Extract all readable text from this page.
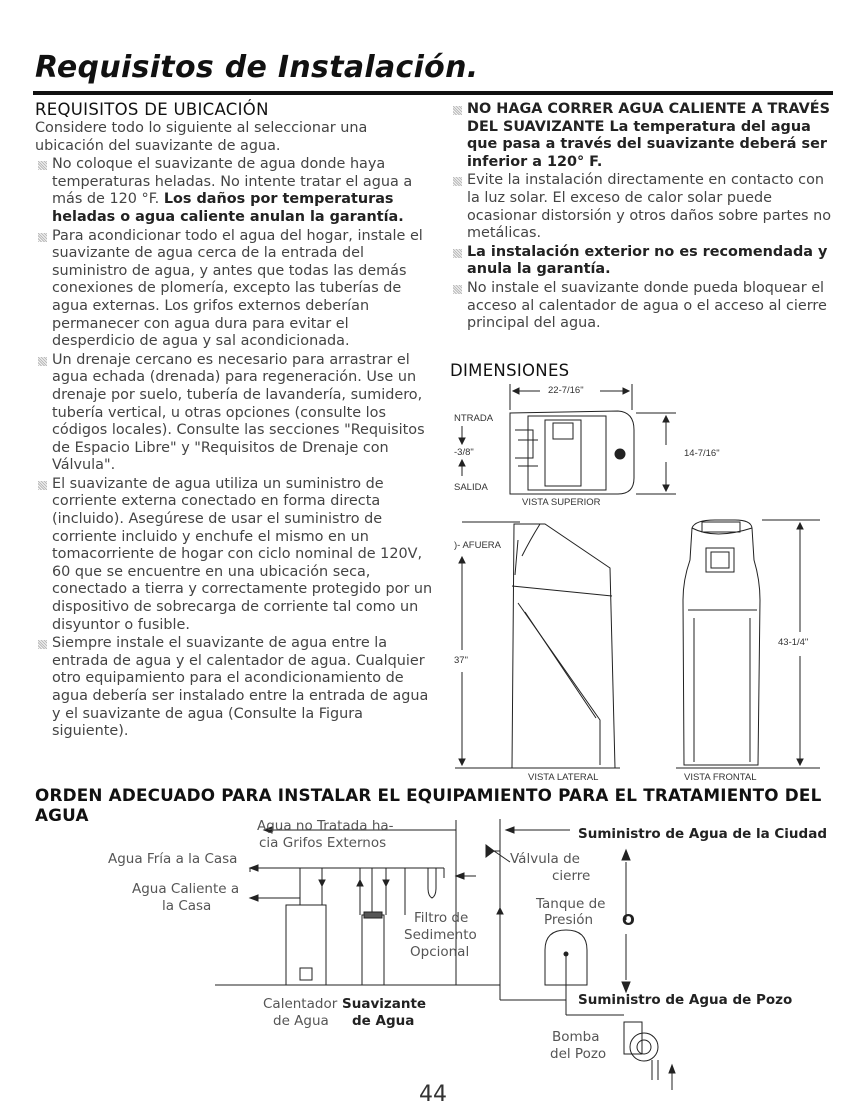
Requisitos de Instalación.
REQUISITOS DE UBICACIÓN

Considere todo lo siguiente al seleccionar una ubicación del suavizante de agua.

No coloque el suavizante de agua donde haya temperaturas heladas. No intente tratar el agua a más de 120 °F. Los daños por temperaturas heladas o agua caliente anulan la garantía.
Para acondicionar todo el agua del hogar, instale el suavizante de agua cerca de la entrada del suministro de agua, y antes que todas las demás conexiones de plomería, excepto las tuberías de agua externas. Los grifos externos deberían permanecer con agua dura para evitar el desperdicio de agua y sal acondicionada.
Un drenaje cercano es necesario para arrastrar el agua echada (drenada) para regeneración. Use un drenaje por suelo, tubería de lavandería, sumidero, tubería vertical, u otras opciones (consulte los códigos locales). Consulte las secciones "Requisitos de Espacio Libre" y "Requisitos de Drenaje con Válvula".
El suavizante de agua utiliza un suministro de corriente externa conectado en forma directa (incluido). Asegúrese de usar el suministro de corriente incluido y enchufe el mismo en un tomacorriente de hogar con ciclo nominal de 120V, 60 que se encuentre en una ubicación seca, conectado a tierra y correctamente protegido por un dispositivo de sobrecarga de corriente tal como un disyuntor o fusible.
Siempre instale el suavizante de agua entre la entrada de agua y el calentador de agua. Cualquier otro equipamiento para el acondicionamiento de agua debería ser instalado entre la entrada de agua y el suavizante de agua (Consulte la Figura siguiente).
NO HAGA CORRER AGUA CALIENTE A TRAVÉS DEL SUAVIZANTE La temperatura del agua que pasa a través del suavizante deberá ser inferior a 120° F.
Evite la instalación directamente en contacto con la luz solar. El exceso de calor solar puede ocasionar distorsión y otros daños sobre partes no metálicas.
La instalación exterior no es recomendada y anula la garantía.
No instale el suavizante donde pueda bloquear el acceso al calentador de agua o el acceso al cierre principal del agua.
DIMENSIONES
22-7/16"
14-7/16"
NTRADA
-3/8"
SALIDA
VISTA SUPERIOR
)- AFUERA
37"
43-1/4"
VISTA LATERAL	VISTA FRONTAL
ORDEN ADECUADO PARA INSTALAR EL EQUIPAMIENTO PARA EL TRATAMIENTO DEL AGUA
Agua no Tratada ha-
cia Grifos Externos
Agua Fría a la Casa
Agua Caliente a
la Casa
Filtro de
Sedimento
Opcional
Calentador
de Agua
Suavizante
de Agua
Suministro de Agua de la Ciudad
Válvula de
cierre
Tanque de
Presión O
Suministro de Agua de Pozo
Bomba
del Pozo
44
